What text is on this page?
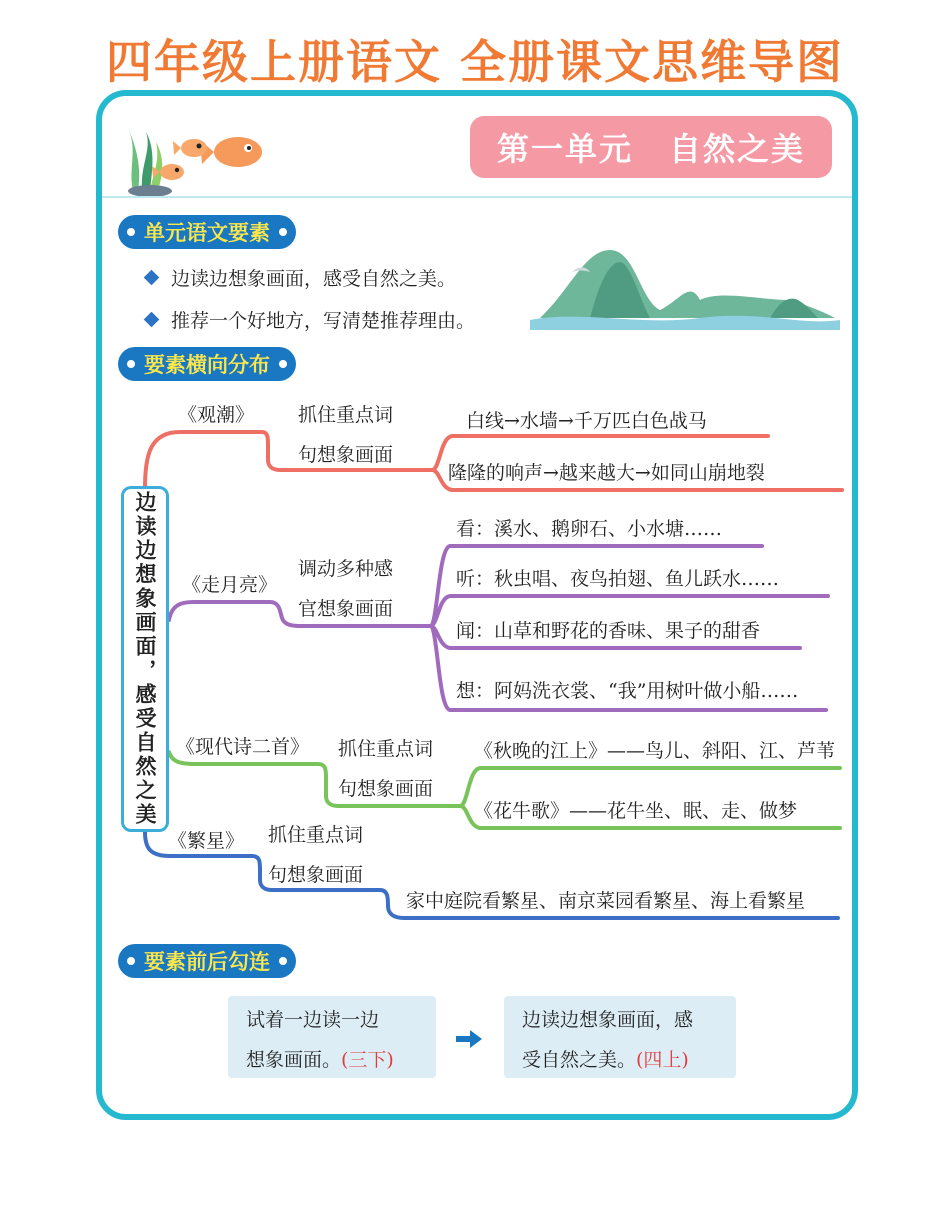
四年级上册语文 全册课文思维导图
第一单元 自然之美
单元语文要素
边读边想象画面，感受自然之美。
推荐一个好地方，写清楚推荐理由。
要素横向分布
边读边想象画面，感受自然之美
《观潮》 抓住重点词
句想象画面
白线→水墙→千万匹白色战马
隆隆的响声→越来越大→如同山崩地裂
《走月亮》
调动多种感
官想象画面
看：溪水、鹅卵石、小水塘……
听：秋虫唱、夜鸟拍翅、鱼儿跃水……
闻：山草和野花的香味、果子的甜香
想：阿妈洗衣裳、“我”用树叶做小船……
《现代诗二首》 抓住重点词
句想象画面
《秋晚的江上》——鸟儿、斜阳、江、芦苇
《花牛歌》——花牛坐、眠、走、做梦
《繁星》 抓住重点词
句想象画面
家中庭院看繁星、南京菜园看繁星、海上看繁星
要素前后勾连
试着一边读一边
想象画面。(三下)
边读边想象画面，感
受自然之美。(四上)
